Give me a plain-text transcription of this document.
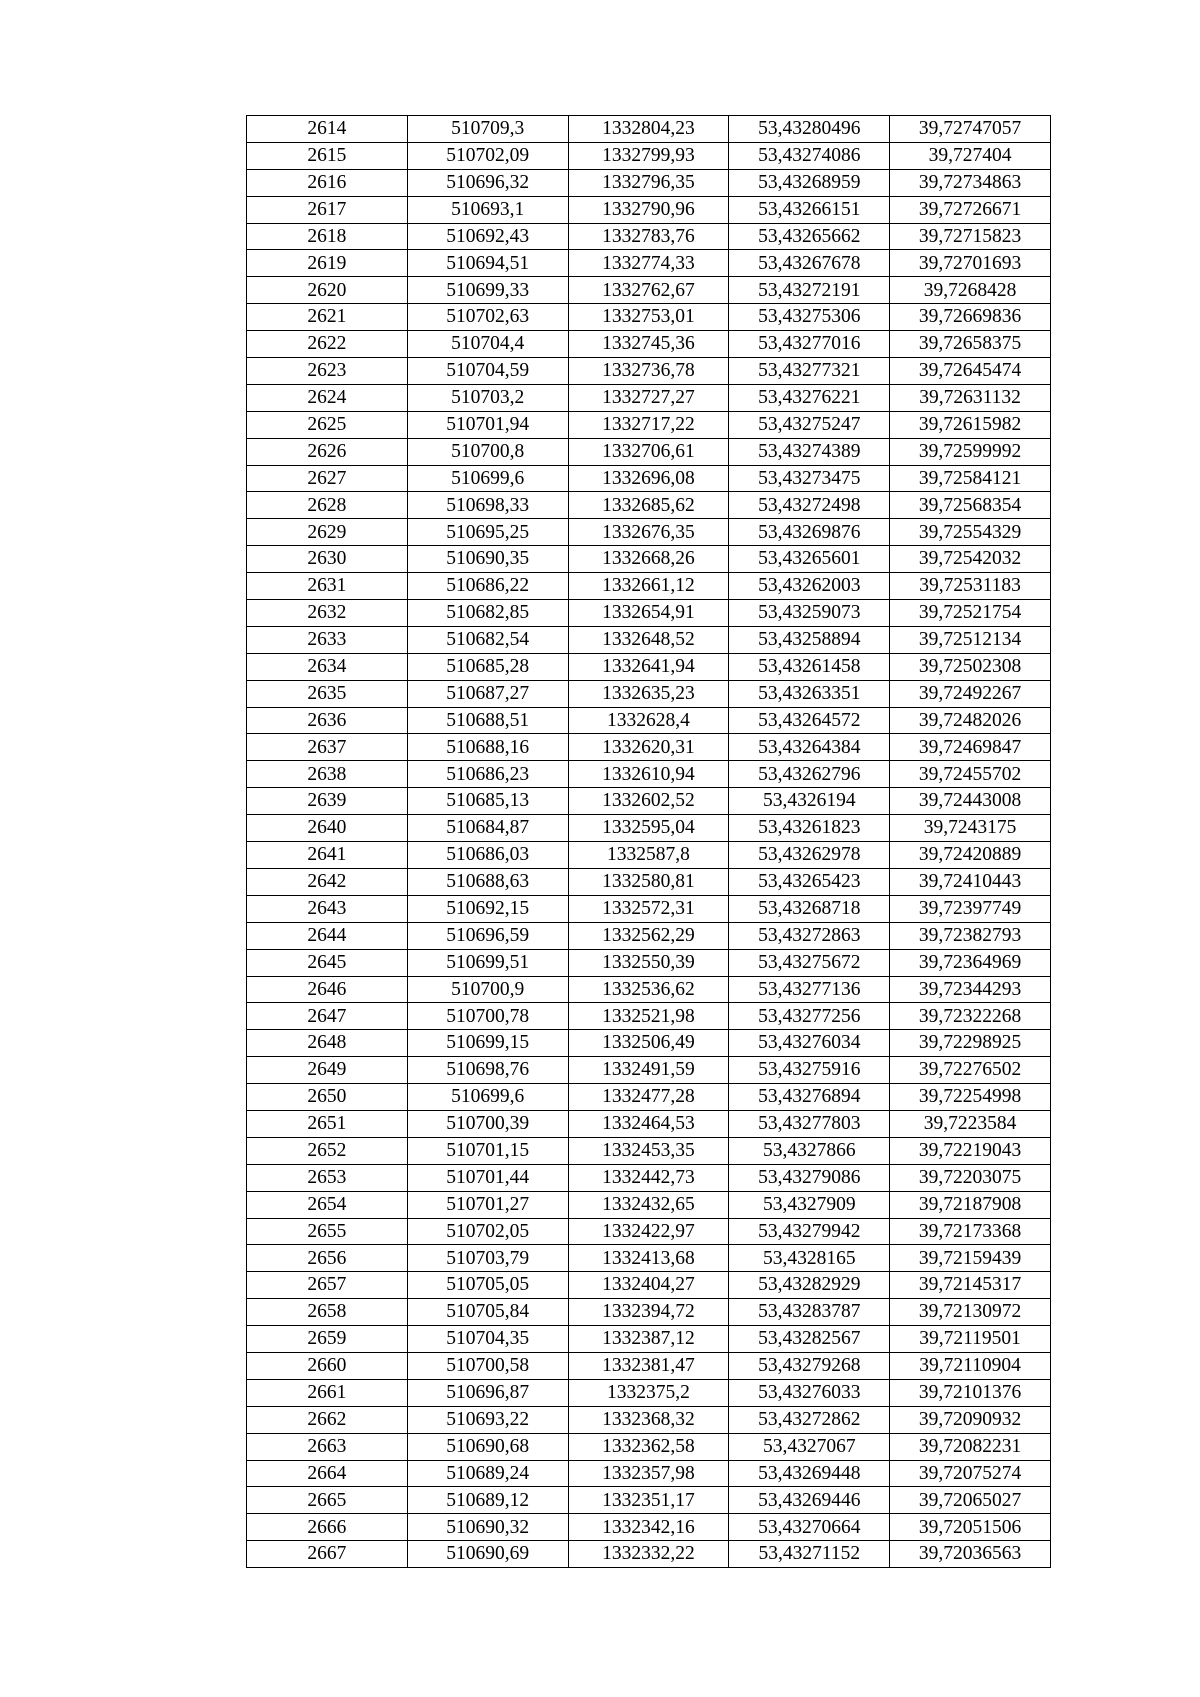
2614	510709,3	1332804,23	53,43280496	39,72747057
2615	510702,09	1332799,93	53,43274086	39,727404
2616	510696,32	1332796,35	53,43268959	39,72734863
2617	510693,1	1332790,96	53,43266151	39,72726671
2618	510692,43	1332783,76	53,43265662	39,72715823
2619	510694,51	1332774,33	53,43267678	39,72701693
2620	510699,33	1332762,67	53,43272191	39,7268428
2621	510702,63	1332753,01	53,43275306	39,72669836
2622	510704,4	1332745,36	53,43277016	39,72658375
2623	510704,59	1332736,78	53,43277321	39,72645474
2624	510703,2	1332727,27	53,43276221	39,72631132
2625	510701,94	1332717,22	53,43275247	39,72615982
2626	510700,8	1332706,61	53,43274389	39,72599992
2627	510699,6	1332696,08	53,43273475	39,72584121
2628	510698,33	1332685,62	53,43272498	39,72568354
2629	510695,25	1332676,35	53,43269876	39,72554329
2630	510690,35	1332668,26	53,43265601	39,72542032
2631	510686,22	1332661,12	53,43262003	39,72531183
2632	510682,85	1332654,91	53,43259073	39,72521754
2633	510682,54	1332648,52	53,43258894	39,72512134
2634	510685,28	1332641,94	53,43261458	39,72502308
2635	510687,27	1332635,23	53,43263351	39,72492267
2636	510688,51	1332628,4	53,43264572	39,72482026
2637	510688,16	1332620,31	53,43264384	39,72469847
2638	510686,23	1332610,94	53,43262796	39,72455702
2639	510685,13	1332602,52	53,4326194	39,72443008
2640	510684,87	1332595,04	53,43261823	39,7243175
2641	510686,03	1332587,8	53,43262978	39,72420889
2642	510688,63	1332580,81	53,43265423	39,72410443
2643	510692,15	1332572,31	53,43268718	39,72397749
2644	510696,59	1332562,29	53,43272863	39,72382793
2645	510699,51	1332550,39	53,43275672	39,72364969
2646	510700,9	1332536,62	53,43277136	39,72344293
2647	510700,78	1332521,98	53,43277256	39,72322268
2648	510699,15	1332506,49	53,43276034	39,72298925
2649	510698,76	1332491,59	53,43275916	39,72276502
2650	510699,6	1332477,28	53,43276894	39,72254998
2651	510700,39	1332464,53	53,43277803	39,7223584
2652	510701,15	1332453,35	53,4327866	39,72219043
2653	510701,44	1332442,73	53,43279086	39,72203075
2654	510701,27	1332432,65	53,4327909	39,72187908
2655	510702,05	1332422,97	53,43279942	39,72173368
2656	510703,79	1332413,68	53,4328165	39,72159439
2657	510705,05	1332404,27	53,43282929	39,72145317
2658	510705,84	1332394,72	53,43283787	39,72130972
2659	510704,35	1332387,12	53,43282567	39,72119501
2660	510700,58	1332381,47	53,43279268	39,72110904
2661	510696,87	1332375,2	53,43276033	39,72101376
2662	510693,22	1332368,32	53,43272862	39,72090932
2663	510690,68	1332362,58	53,4327067	39,72082231
2664	510689,24	1332357,98	53,43269448	39,72075274
2665	510689,12	1332351,17	53,43269446	39,72065027
2666	510690,32	1332342,16	53,43270664	39,72051506
2667	510690,69	1332332,22	53,43271152	39,72036563
